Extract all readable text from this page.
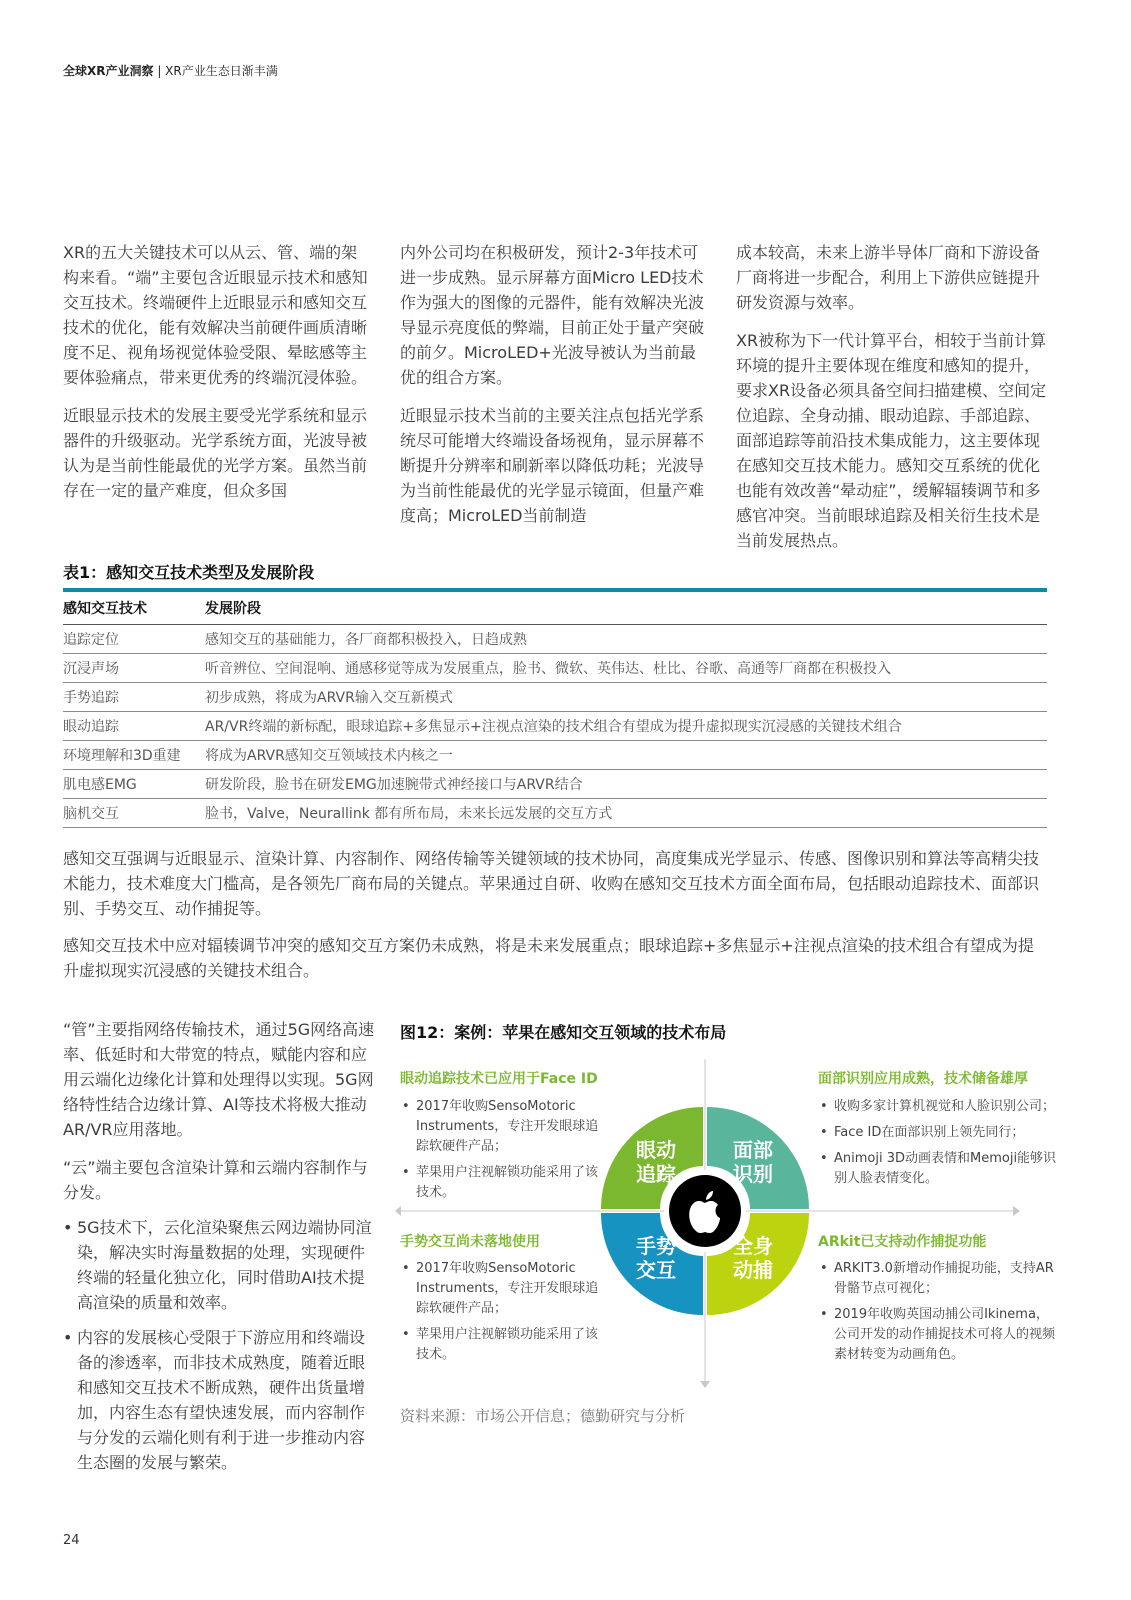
全球XR产业洞察 | XR产业生态日渐丰满

XR的五大关键技术可以从云、管、端的架构来看。“端”主要包含近眼显示技术和感知交互技术。终端硬件上近眼显示和感知交互技术的优化，能有效解决当前硬件画质清晰度不足、视角场视觉体验受限、晕眩感等主要体验痛点，带来更优秀的终端沉浸体验。

近眼显示技术的发展主要受光学系统和显示器件的升级驱动。光学系统方面，光波导被认为是当前性能最优的光学方案。虽然当前存在一定的量产难度，但众多国

内外公司均在积极研发，预计2-3年技术可进一步成熟。显示屏幕方面Micro LED技术作为强大的图像的元器件，能有效解决光波导显示亮度低的弊端，目前正处于量产突破的前夕。MicroLED+光波导被认为当前最优的组合方案。

近眼显示技术当前的主要关注点包括光学系统尽可能增大终端设备场视角，显示屏幕不断提升分辨率和刷新率以降低功耗；光波导为当前性能最优的光学显示镜面，但量产难度高；MicroLED当前制造

成本较高，未来上游半导体厂商和下游设备厂商将进一步配合，利用上下游供应链提升研发资源与效率。

XR被称为下一代计算平台，相较于当前计算环境的提升主要体现在维度和感知的提升，要求XR设备必须具备空间扫描建模、空间定位追踪、全身动捕、眼动追踪、手部追踪、面部追踪等前沿技术集成能力，这主要体现在感知交互技术能力。感知交互系统的优化也能有效改善“晕动症”，缓解辐辏调节和多感官冲突。当前眼球追踪及相关衍生技术是当前发展热点。

表1：感知交互技术类型及发展阶段
感知交互技术	发展阶段
追踪定位	感知交互的基础能力，各厂商都积极投入，日趋成熟
沉浸声场	听音辨位、空间混响、通感移觉等成为发展重点，脸书、微软、英伟达、杜比、谷歌、高通等厂商都在积极投入
手势追踪	初步成熟，将成为ARVR输入交互新模式
眼动追踪	AR/VR终端的新标配，眼球追踪+多焦显示+注视点渲染的技术组合有望成为提升虚拟现实沉浸感的关键技术组合
环境理解和3D重建	将成为ARVR感知交互领域技术内核之一
肌电感EMG	研发阶段，脸书在研发EMG加速腕带式神经接口与ARVR结合
脑机交互	脸书，Valve，Neurallink 都有所布局，未来长远发展的交互方式
感知交互强调与近眼显示、渲染计算、内容制作、网络传输等关键领域的技术协同，高度集成光学显示、传感、图像识别和算法等高精尖技术能力，技术难度大门槛高，是各领先厂商布局的关键点。苹果通过自研、收购在感知交互技术方面全面布局，包括眼动追踪技术、面部识别、手势交互、动作捕捉等。
感知交互技术中应对辐辏调节冲突的感知交互方案仍未成熟，将是未来发展重点；眼球追踪+多焦显示+注视点渲染的技术组合有望成为提升虚拟现实沉浸感的关键技术组合。

“管”主要指网络传输技术，通过5G网络高速率、低延时和大带宽的特点，赋能内容和应用云端化边缘化计算和处理得以实现。5G网络特性结合边缘计算、AI等技术将极大推动AR/VR应用落地。

“云”端主要包含渲染计算和云端内容制作与分发。

• 5G技术下，云化渲染聚焦云网边端协同渲染，解决实时海量数据的处理，实现硬件终端的轻量化独立化，同时借助AI技术提高渲染的质量和效率。
• 内容的发展核心受限于下游应用和终端设备的渗透率，而非技术成熟度，随着近眼和感知交互技术不断成熟，硬件出货量增加，内容生态有望快速发展，而内容制作与分发的云端化则有利于进一步推动内容生态圈的发展与繁荣。
图12：案例：苹果在感知交互领域的技术布局
眼动
追踪
面部
识别
手势
交互
全身
动捕
眼动追踪技术已应用于Face ID
• 2017年收购SensoMotoric Instruments，专注开发眼球追踪软硬件产品；
• 苹果用户注视解锁功能采用了该技术。
面部识别应用成熟，技术储备雄厚
• 收购多家计算机视觉和人脸识别公司；
• Face ID在面部识别上领先同行；
• Animoji 3D动画表情和Memoji能够识别人脸表情变化。
手势交互尚未落地使用
• 2017年收购SensoMotoric Instruments，专注开发眼球追踪软硬件产品；
• 苹果用户注视解锁功能采用了该技术。
ARkit已支持动作捕捉功能
• ARKIT3.0新增动作捕捉功能，支持AR骨骼节点可视化；
• 2019年收购英国动捕公司Ikinema，公司开发的动作捕捉技术可将人的视频素材转变为动画角色。
资料来源：市场公开信息；德勤研究与分析
24
